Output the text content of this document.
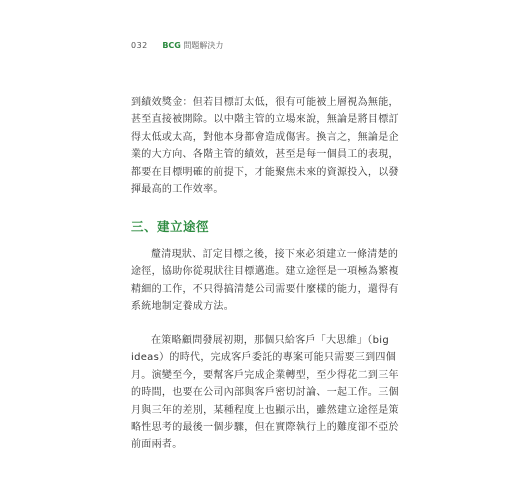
032 BCG 問題解決力
到績效獎金：但若目標訂太低，很有可能被上層視為無能，
甚至直接被開除。以中階主管的立場來說，無論是將目標訂
得太低或太高，對他本身都會造成傷害。換言之，無論是企
業的大方向、各階主管的績效，甚至是每一個員工的表現，
都要在目標明確的前提下，才能聚焦未來的資源投入，以發
揮最高的工作效率。
三、建立途徑
釐清現狀、訂定目標之後，接下來必須建立一條清楚的
途徑，協助你從現狀往目標邁進。建立途徑是一項極為繁複
精細的工作，不只得搞清楚公司需要什麼樣的能力，還得有
系統地制定養成方法。
在策略顧問發展初期，那個只給客戶「大思維」（big
ideas）的時代，完成客戶委託的專案可能只需要三到四個
月。演變至今，要幫客戶完成企業轉型，至少得花二到三年
的時間，也要在公司內部與客戶密切討論、一起工作。三個
月與三年的差別，某種程度上也顯示出，雖然建立途徑是策
略性思考的最後一個步驟，但在實際執行上的難度卻不亞於
前面兩者。
